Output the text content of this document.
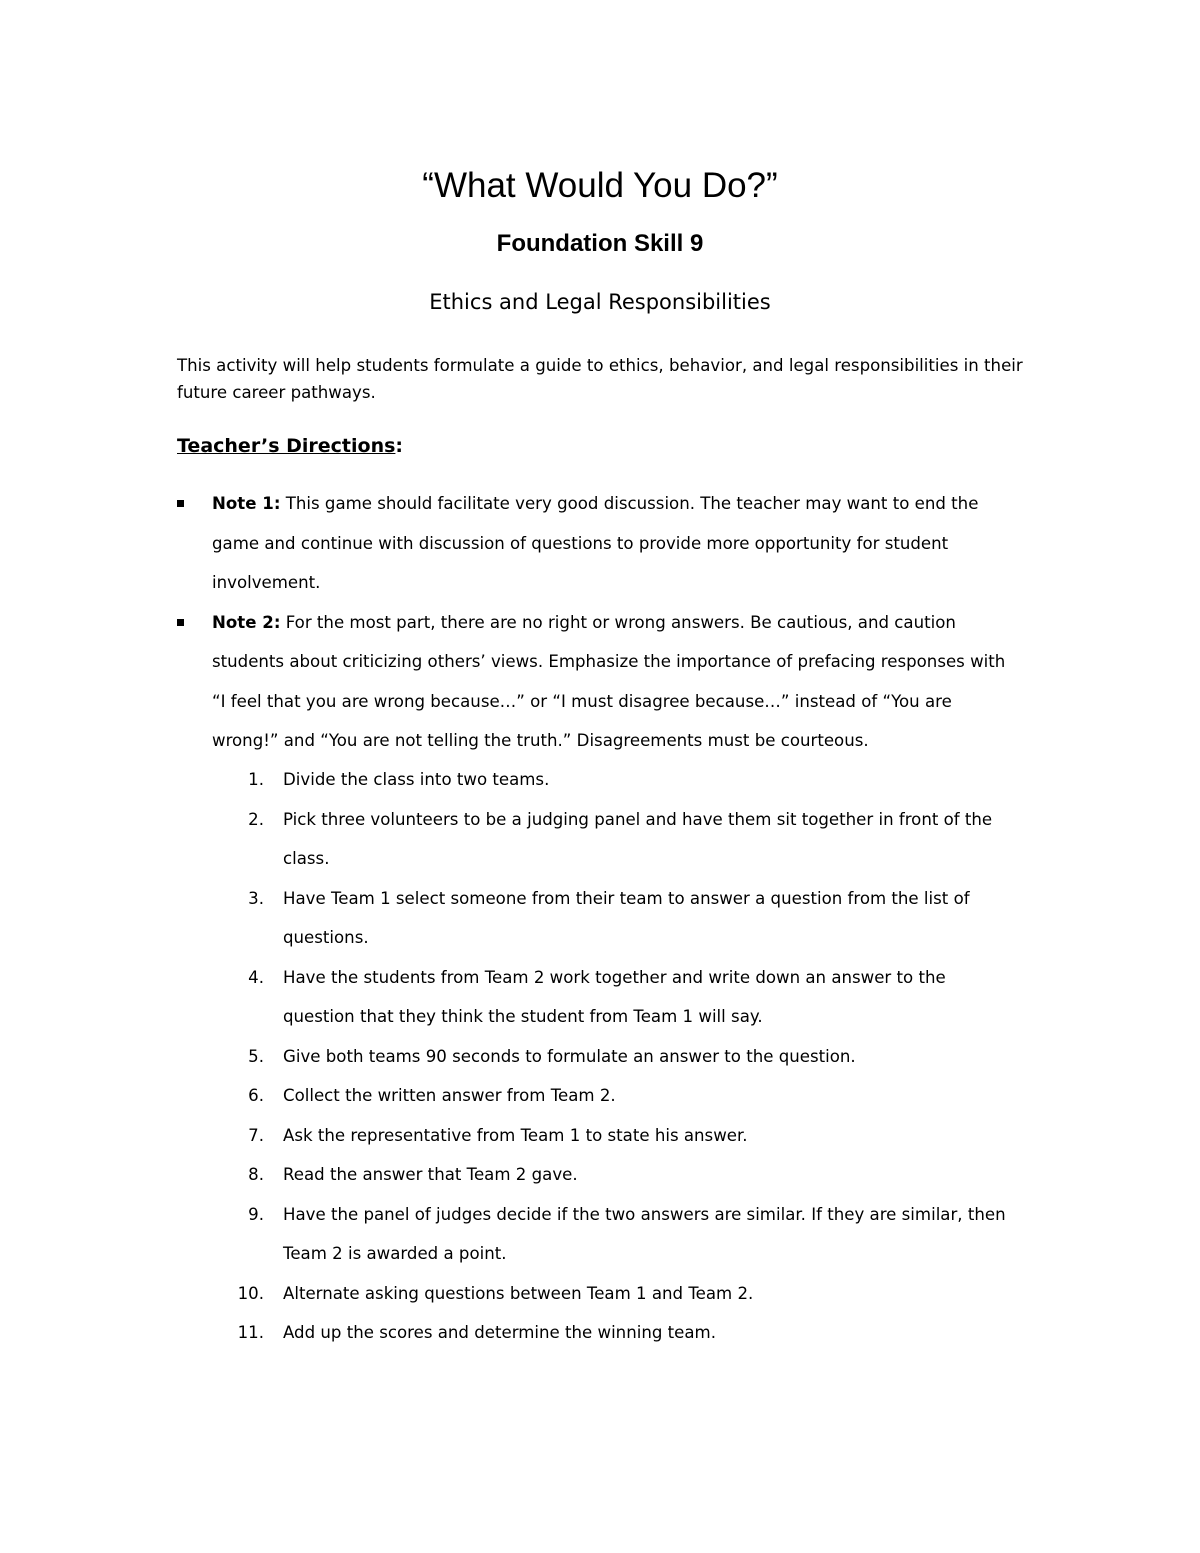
“What Would You Do?”
Foundation Skill 9
Ethics and Legal Responsibilities
This activity will help students formulate a guide to ethics, behavior, and legal responsibilities in their future career pathways.
Teacher’s Directions:
Note 1: This game should facilitate very good discussion. The teacher may want to end the game and continue with discussion of questions to provide more opportunity for student involvement.
Note 2: For the most part, there are no right or wrong answers. Be cautious, and caution students about criticizing others’ views. Emphasize the importance of prefacing responses with “I feel that you are wrong because…” or “I must disagree because…” instead of “You are wrong!” and “You are not telling the truth.” Disagreements must be courteous.
1. Divide the class into two teams.
2. Pick three volunteers to be a judging panel and have them sit together in front of the class.
3. Have Team 1 select someone from their team to answer a question from the list of questions.
4. Have the students from Team 2 work together and write down an answer to the question that they think the student from Team 1 will say.
5. Give both teams 90 seconds to formulate an answer to the question.
6. Collect the written answer from Team 2.
7. Ask the representative from Team 1 to state his answer.
8. Read the answer that Team 2 gave.
9. Have the panel of judges decide if the two answers are similar. If they are similar, then Team 2 is awarded a point.
10. Alternate asking questions between Team 1 and Team 2.
11. Add up the scores and determine the winning team.
